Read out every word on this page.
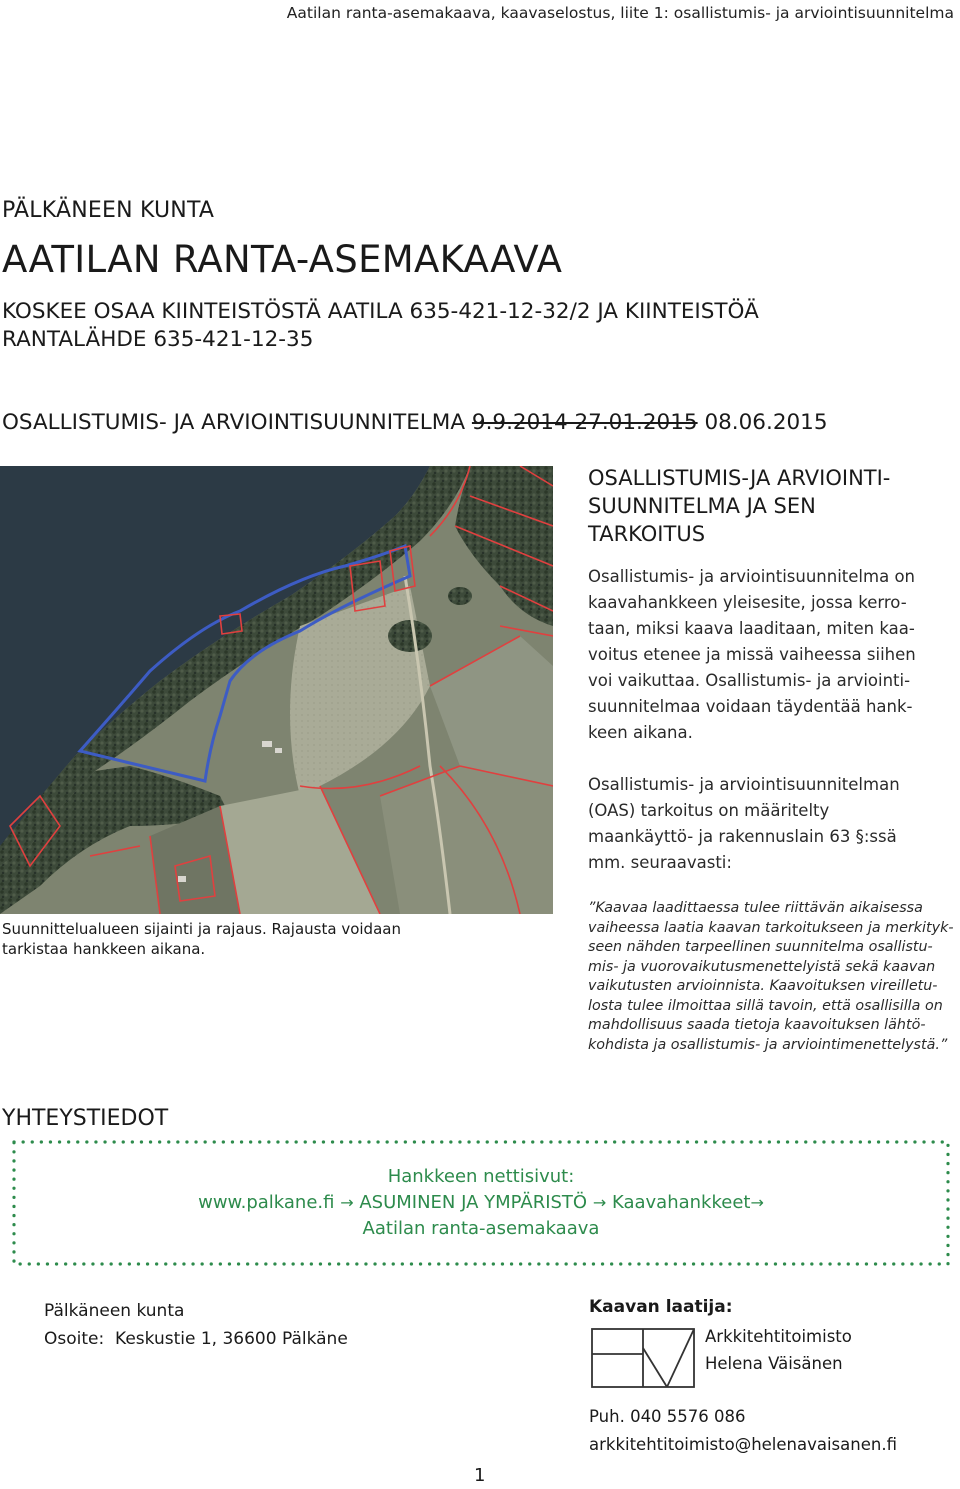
Aatilan ranta-asemakaava, kaavaselostus, liite 1: osallistumis- ja arviointisuunnitelma
PÄLKÄNEEN KUNTA
AATILAN RANTA-ASEMAKAAVA
KOSKEE OSAA KIINTEISTÖSTÄ AATILA 635-421-12-32/2 JA KIINTEISTÖÄ
RANTALÄHDE 635-421-12-35
OSALLISTUMIS- JA ARVIOINTISUUNNITELMA 9.9.2014 27.01.2015 08.06.2015
Suunnittelualueen sijainti ja rajaus. Rajausta voidaan
tarkistaa hankkeen aikana.
OSALLISTUMIS-JA ARVIOINTI-
SUUNNITELMA JA SEN
TARKOITUS
Osallistumis- ja arviointisuunnitelma on
kaavahankkeen yleisesite, jossa kerro-
taan, miksi kaava laaditaan, miten kaa-
voitus etenee ja missä vaiheessa siihen
voi vaikuttaa. Osallistumis- ja arviointi-
suunnitelmaa voidaan täydentää hank-
keen aikana.
Osallistumis- ja arviointisuunnitelman
(OAS) tarkoitus on määritelty
maankäyttö- ja rakennuslain 63 §:ssä
mm. seuraavasti:
”Kaavaa laadittaessa tulee riittävän aikaisessa
vaiheessa laatia kaavan tarkoitukseen ja merkityk-
seen nähden tarpeellinen suunnitelma osallistu-
mis- ja vuorovaikutusmenettelyistä sekä kaavan
vaikutusten arvioinnista. Kaavoituksen vireilletu-
losta tulee ilmoittaa sillä tavoin, että osallisilla on
mahdollisuus saada tietoja kaavoituksen lähtö-
kohdista ja osallistumis- ja arviointimenettelystä.”
YHTEYSTIEDOT
Hankkeen nettisivut:
www.palkane.fi → ASUMINEN JA YMPÄRISTÖ → Kaavahankkeet→
Aatilan ranta-asemakaava
Pälkäneen kunta
Osoite: Keskustie 1, 36600 Pälkäne
Kaavan laatija:
Arkkitehtitoimisto
Helena Väisänen
Puh. 040 5576 086
arkkitehtitoimisto@helenavaisanen.fi
1
